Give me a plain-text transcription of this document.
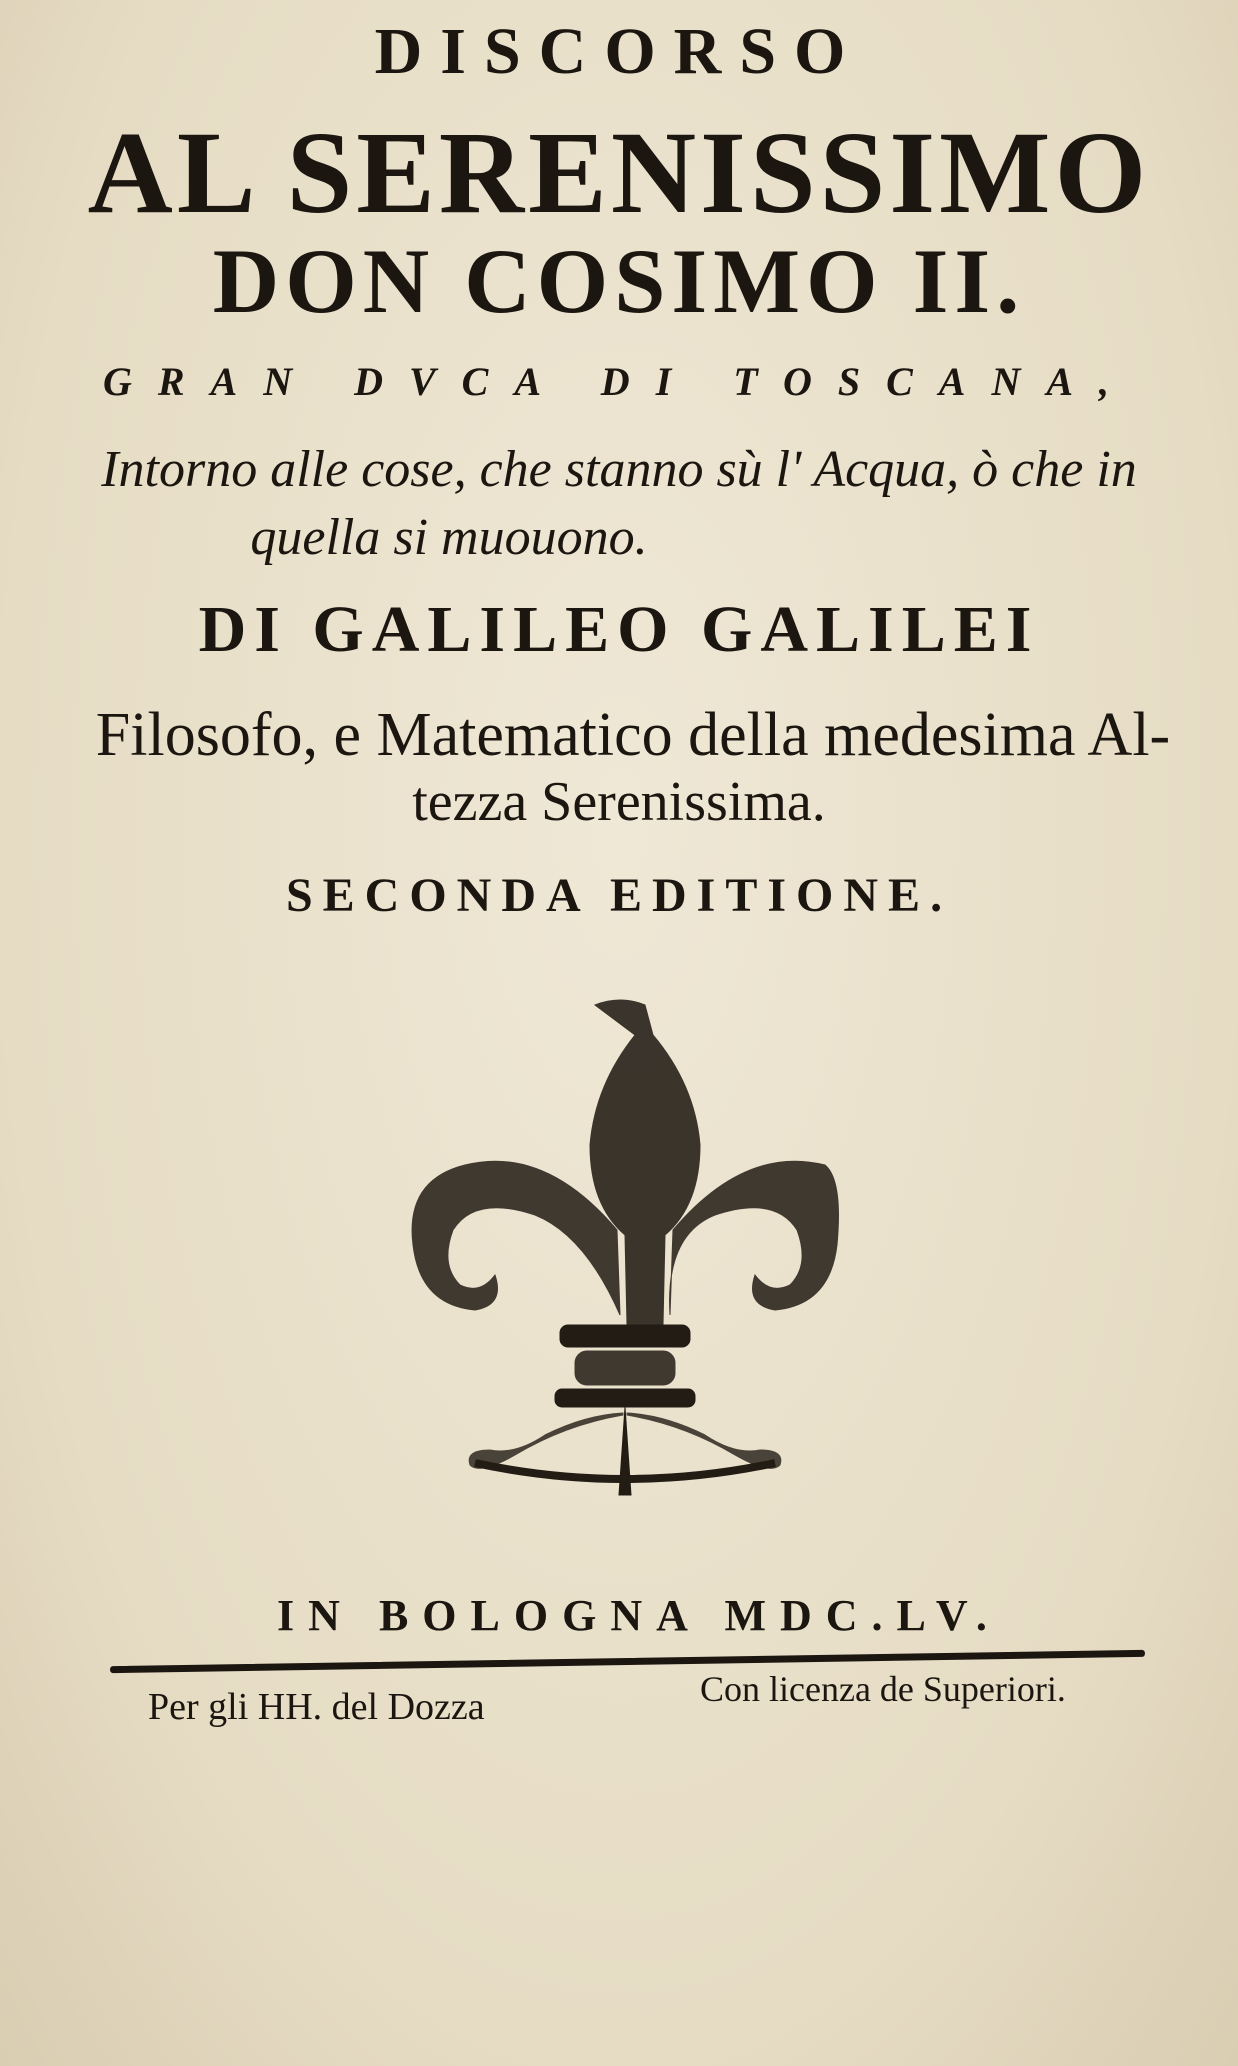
DISCORSO
AL SERENISSIMO
DON COSIMO II.
GRAN DVCA DI TOSCANA,
Intorno alle cose, che stanno sù l' Acqua, ò che in
quella si muouono.
DI GALILEO GALILEI
Filosofo, e Matematico della medesima Al-
tezza Serenissima.
SECONDA EDITIONE.
IN BOLOGNA MDC.LV.
Per gli HH. del Dozza	Con licenza de Superiori.
